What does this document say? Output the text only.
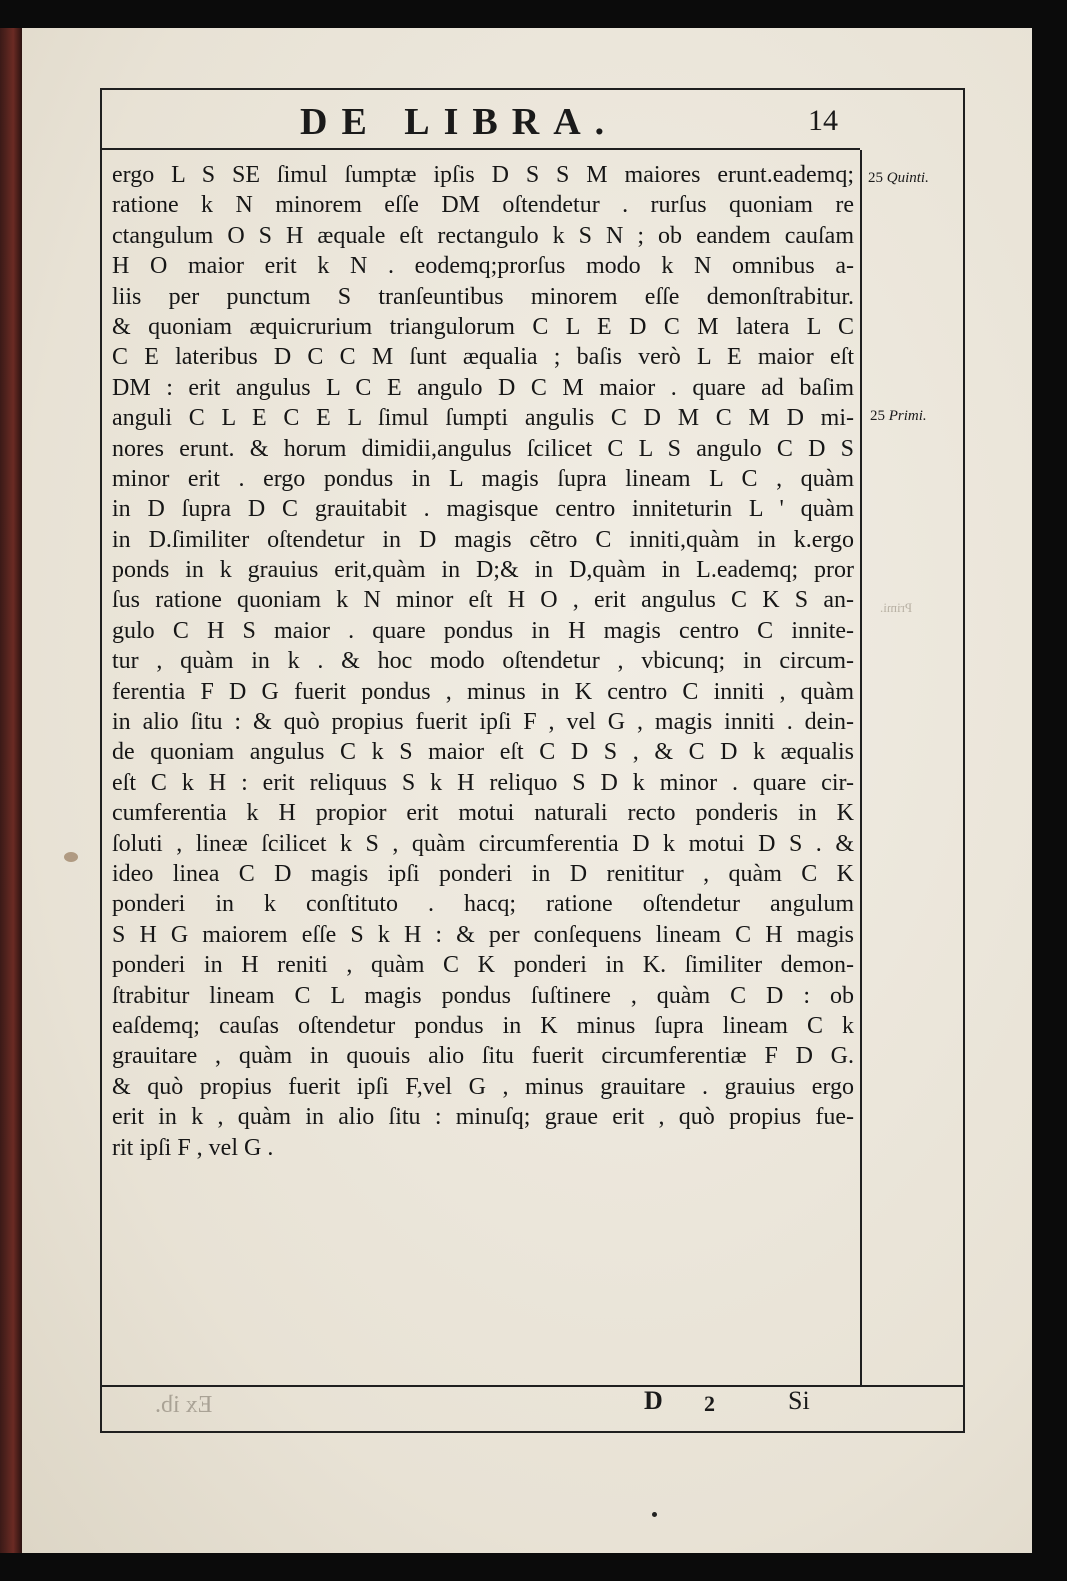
DE LIBRA.	14
ergo L S SE ſimul ſumptæ ipſis D S S M maiores erunt.eademq;
ratione k N minorem eſſe DM oſtendetur . rurſus quoniam re
ctangulum O S H æquale eſt rectangulo k S N ; ob eandem cauſam
H O maior erit k N . eodemq;prorſus modo k N omnibus a-
liis per punctum S tranſeuntibus minorem eſſe demonſtrabitur.
& quoniam æquicrurium triangulorum C L E D C M latera L C
C E lateribus D C C M ſunt æqualia ; baſis verò L E maior eſt
DM : erit angulus L C E angulo D C M maior . quare ad baſim
anguli C L E C E L ſimul ſumpti angulis C D M C M D mi-
nores erunt. & horum dimidii,angulus ſcilicet C L S angulo C D S
minor erit . ergo pondus in L magis ſupra lineam L C , quàm
in D ſupra D C grauitabit . magisque centro inniteturin L ' quàm
in D.ſimiliter oſtendetur in D magis cẽtro C inniti,quàm in k.ergo
ponds in k grauius erit,quàm in D;& in D,quàm in L.eademq; pror
ſus ratione quoniam k N minor eſt H O , erit angulus C K S an-
gulo C H S maior . quare pondus in H magis centro C innite-
tur , quàm in k . & hoc modo oſtendetur , vbicunq; in circum-
ferentia F D G fuerit pondus , minus in K centro C inniti , quàm
in alio ſitu : & quò propius fuerit ipſi F , vel G , magis inniti . dein-
de quoniam angulus C k S maior eſt C D S , & C D k æqualis
eſt C k H : erit reliquus S k H reliquo S D k minor . quare cir-
cumferentia k H propior erit motui naturali recto ponderis in K
ſoluti , lineæ ſcilicet k S , quàm circumferentia D k motui D S . &
ideo linea C D magis ipſi ponderi in D renititur , quàm C K
ponderi in k conſtituto . hacq; ratione oſtendetur angulum
S H G maiorem eſſe S k H : & per conſequens lineam C H magis
ponderi in H reniti , quàm C K ponderi in K. ſimiliter demon-
ſtrabitur lineam C L magis pondus ſuſtinere , quàm C D : ob
eaſdemq; cauſas oſtendetur pondus in K minus ſupra lineam C k
grauitare , quàm in quouis alio ſitu fuerit circumferentiæ F D G.
& quò propius fuerit ipſi F,vel G , minus grauitare . grauius ergo
erit in k , quàm in alio ſitu : minuſq; graue erit , quò propius fue-
rit ipſi F , vel G .
25 Quinti.
25 Primi.
Ex ib.
Primi.
D 2	Si
